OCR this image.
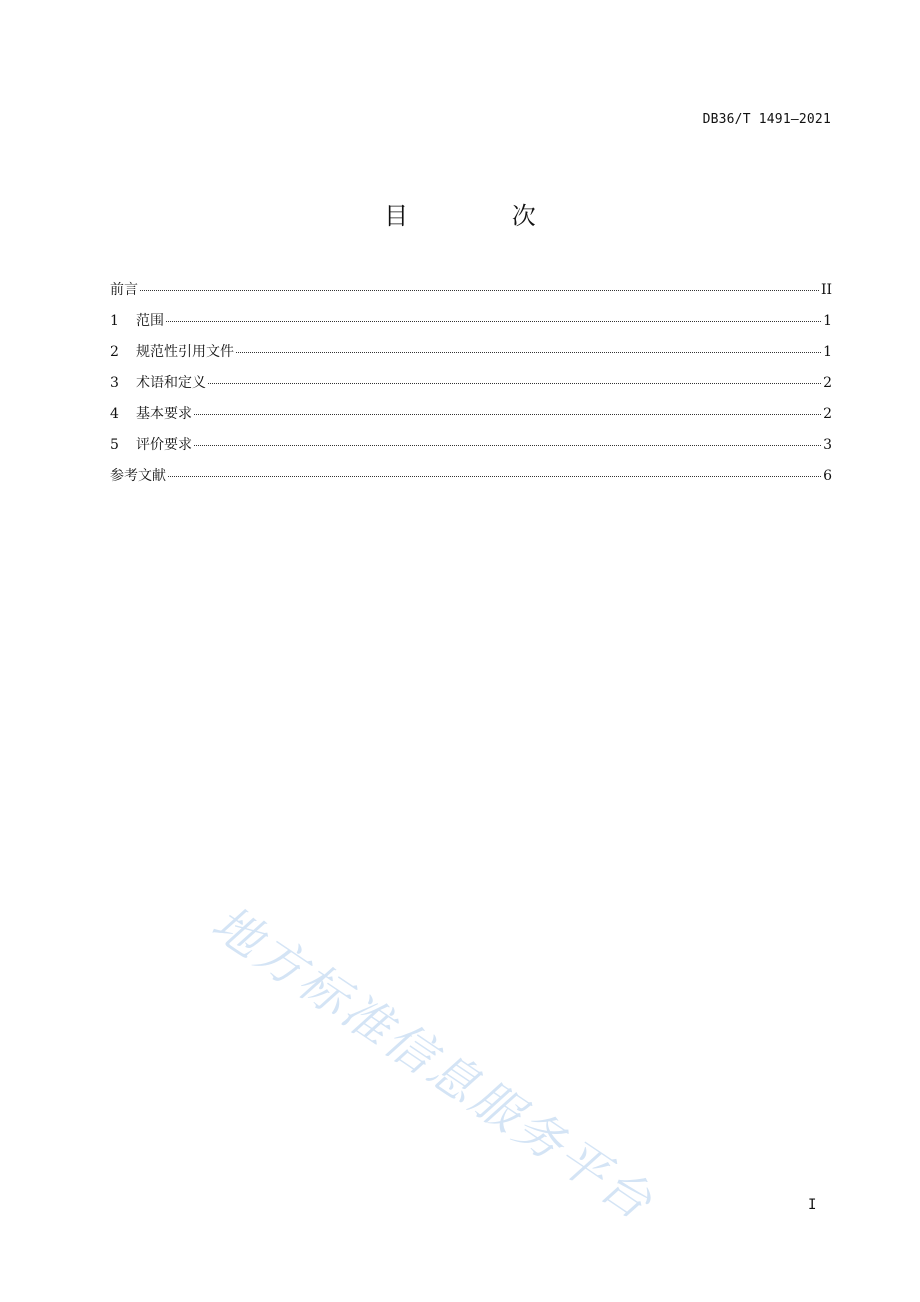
DB36/T 1491—2021
目 次
前言	II
1	范围	1
2	规范性引用文件	1
3	术语和定义	2
4	基本要求	2
5	评价要求	3
参考文献	6
地方标准信息服务平台	I
